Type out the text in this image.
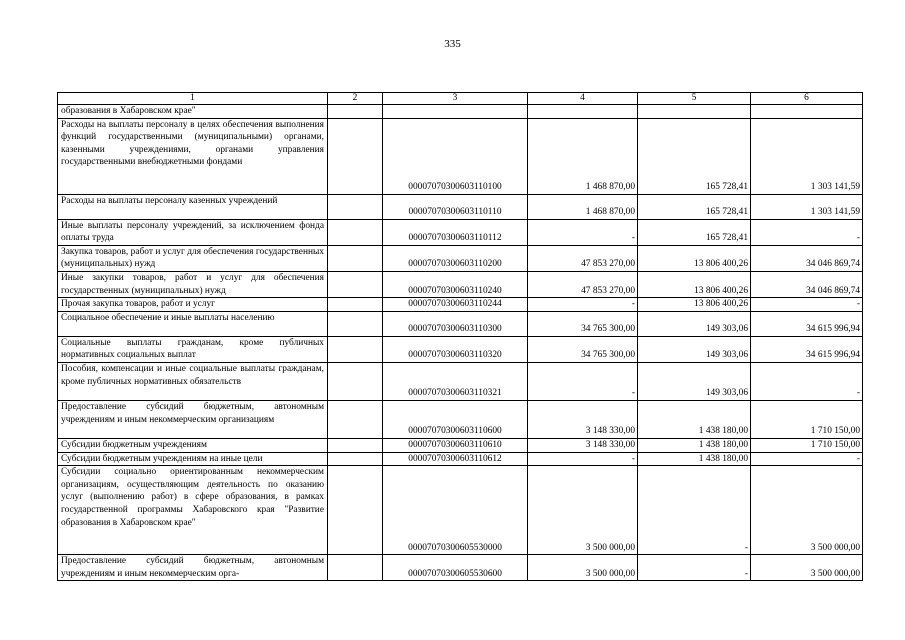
335
1	2	3	4	5	6
образования в Хабаровском крае"					
Расходы на выплаты персоналу в целях обеспечения выполнения функций государственными (муниципальными) органами, казенными учреждениями, органами управления государственными внебюджетными фондами		00007070300603110100	1 468 870,00	165 728,41	1 303 141,59
Расходы на выплаты персоналу казенных учреждений		00007070300603110110	1 468 870,00	165 728,41	1 303 141,59
Иные выплаты персоналу учреждений, за исключением фонда оплаты труда		00007070300603110112	-	165 728,41	-
Закупка товаров, работ и услуг для обеспечения государственных (муниципальных) нужд		00007070300603110200	47 853 270,00	13 806 400,26	34 046 869,74
Иные закупки товаров, работ и услуг для обеспечения государственных (муниципальных) нужд		00007070300603110240	47 853 270,00	13 806 400,26	34 046 869,74
Прочая закупка товаров, работ и услуг		00007070300603110244	-	13 806 400,26	-
Социальное обеспечение и иные выплаты населению		00007070300603110300	34 765 300,00	149 303,06	34 615 996,94
Социальные выплаты гражданам, кроме публичных нормативных социальных выплат		00007070300603110320	34 765 300,00	149 303,06	34 615 996,94
Пособия, компенсации и иные социальные выплаты гражданам, кроме публичных нормативных обязательств		00007070300603110321	-	149 303,06	-
Предоставление субсидий бюджетным, автономным учреждениям и иным некоммерческим организациям		00007070300603110600	3 148 330,00	1 438 180,00	1 710 150,00
Субсидии бюджетным учреждениям		00007070300603110610	3 148 330,00	1 438 180,00	1 710 150,00
Субсидии бюджетным учреждениям на иные цели		00007070300603110612	-	1 438 180,00	-
Субсидии социально ориентированным некоммерческим организациям, осуществляющим деятельность по оказанию услуг (выполнению работ) в сфере образования, в рамках государственной программы Хабаровского края "Развитие образования в Хабаровском крае"		00007070300605530000	3 500 000,00	-	3 500 000,00
Предоставление субсидий бюджетным, автономным учреждениям и иным некоммерческим орга-		00007070300605530600	3 500 000,00	-	3 500 000,00
